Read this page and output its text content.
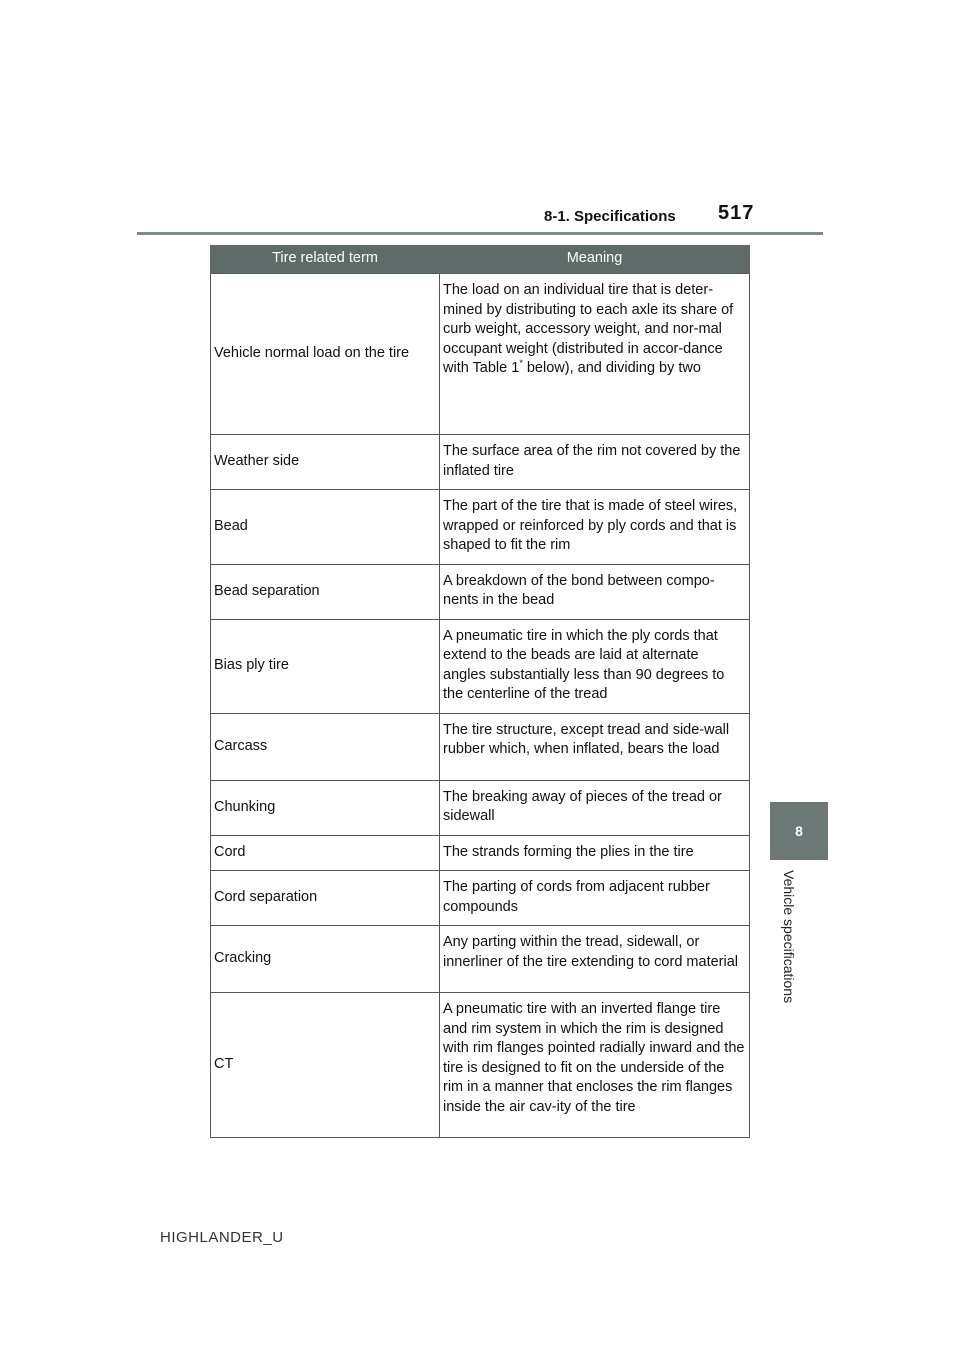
8-1. Specifications 517
8
Vehicle specifications
Tire related term	Meaning
Vehicle normal load on the tire	The load on an individual tire that is deter-mined by distributing to each axle its share of curb weight, accessory weight, and nor-mal occupant weight (distributed in accor-dance with Table 1* below), and dividing by two
Weather side	The surface area of the rim not covered by the inflated tire
Bead	The part of the tire that is made of steel wires, wrapped or reinforced by ply cords and that is shaped to fit the rim
Bead separation	A breakdown of the bond between compo-nents in the bead
Bias ply tire	A pneumatic tire in which the ply cords that extend to the beads are laid at alternate angles substantially less than 90 degrees to the centerline of the tread
Carcass	The tire structure, except tread and side-wall rubber which, when inflated, bears the load
Chunking	The breaking away of pieces of the tread or sidewall
Cord	The strands forming the plies in the tire
Cord separation	The parting of cords from adjacent rubber compounds
Cracking	Any parting within the tread, sidewall, or innerliner of the tire extending to cord material
CT	A pneumatic tire with an inverted flange tire and rim system in which the rim is designed with rim flanges pointed radially inward and the tire is designed to fit on the underside of the rim in a manner that encloses the rim flanges inside the air cav-ity of the tire
HIGHLANDER_U
